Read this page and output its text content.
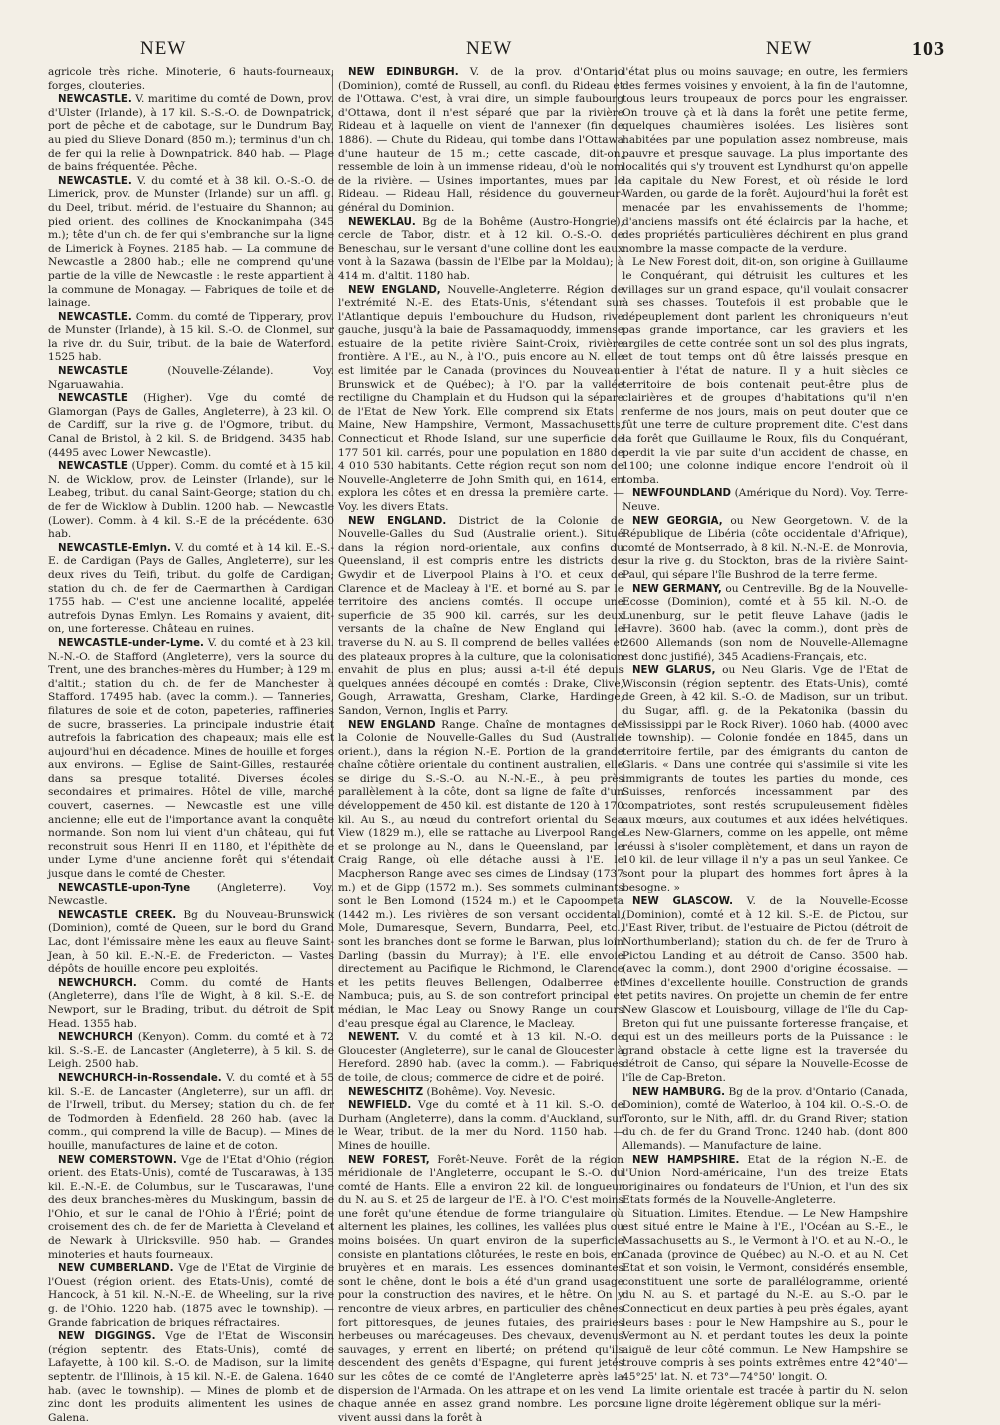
NEW	NEW	NEW	103

agricole très riche. Minoterie, 6 hauts-fourneaux, forges, clouteries.

NEWCASTLE. V. maritime du comté de Down, prov. d'Ulster (Irlande), à 17 kil. S.-S.-O. de Downpatrick, port de pêche et de cabotage, sur le Dundrum Bay, au pied du Slieve Donard (850 m.); terminus d'un ch. de fer qui la relie à Downpatrick. 840 hab. — Plage de bains fréquentée. Pêche.

NEWCASTLE. V. du comté et à 38 kil. O.-S.-O. de Limerick, prov. de Munster (Irlande) sur un affl. g. du Deel, tribut. mérid. de l'estuaire du Shannon; au pied orient. des collines de Knockanimpaha (345 m.); tête d'un ch. de fer qui s'embranche sur la ligne de Limerick à Foynes. 2185 hab. — La commune de Newcastle a 2800 hab.; elle ne comprend qu'une partie de la ville de Newcastle : le reste appartient à la commune de Monagay. — Fabriques de toile et de lainage.

NEWCASTLE. Comm. du comté de Tipperary, prov. de Munster (Irlande), à 15 kil. S.-O. de Clonmel, sur la rive dr. du Suir, tribut. de la baie de Waterford. 1525 hab.

NEWCASTLE	(Nouvelle-Zélande). Voy. Ngaruawahia.

NEWCASTLE (Higher). Vge du comté de Glamorgan (Pays de Galles, Angleterre), à 23 kil. O. de Cardiff, sur la rive g. de l'Ogmore, tribut. du Canal de Bristol, à 2 kil. S. de Bridgend. 3435 hab. (4495 avec Lower Newcastle).

NEWCASTLE (Upper). Comm. du comté et à 15 kil. N. de Wicklow, prov. de Leinster (Irlande), sur le Leabeg, tribut. du canal Saint-George; station du ch. de fer de Wicklow à Dublin. 1200 hab. — Newcastle (Lower). Comm. à 4 kil. S.-E de la précédente. 630 hab.

NEWCASTLE-Emlyn. V. du comté et à 14 kil. E.-S.-E. de Cardigan (Pays de Galles, Angleterre), sur les deux rives du Teifi, tribut. du golfe de Cardigan; station du ch. de fer de Caermarthen à Cardigan 1755 hab. — C'est une ancienne localité, appelée autrefois Dynas Emlyn. Les Romains y avaient, dit-on, une forteresse. Château en ruines.

NEWCASTLE-under-Lyme. V. du comté et à 23 kil. N.-N.-O. de Stafford (Angleterre), vers la source du Trent, une des branches-mères du Humber; à 129 m. d'altit.; station du ch. de fer de Manchester à Stafford. 17495 hab. (avec la comm.). — Tanneries, filatures de soie et de coton, papeteries, raffineries de sucre, brasseries. La principale industrie était autrefois la fabrication des chapeaux; mais elle est aujourd'hui en décadence. Mines de houille et forges aux environs. — Eglise de Saint-Gilles, restaurée dans sa presque totalité. Diverses écoles secondaires et primaires. Hôtel de ville, marché couvert, casernes. — Newcastle est une ville ancienne; elle eut de l'importance avant la conquête normande. Son nom lui vient d'un château, qui fut reconstruit sous Henri II en 1180, et l'épithète de under Lyme d'une ancienne forêt qui s'étendait jusque dans le comté de Chester.

NEWCASTLE-upon-Tyne	(Angleterre). Voy. Newcastle.

NEWCASTLE CREEK. Bg du Nouveau-Brunswick (Dominion), comté de Queen, sur le bord du Grand Lac, dont l'émissaire mène les eaux au fleuve Saint-Jean, à 50 kil. E.-N.-E. de Fredericton. — Vastes dépôts de houille encore peu exploités.

NEWCHURCH. Comm. du comté de Hants (Angleterre), dans l'île de Wight, à 8 kil. S.-E. de Newport, sur le Brading, tribut. du détroit de Spit Head. 1355 hab.

NEWCHURCH (Kenyon). Comm. du comté et à 72 kil. S.-S.-E. de Lancaster (Angleterre), à 5 kil. S. de Leigh. 2500 hab.

NEWCHURCH-in-Rossendale. V. du comté et à 55 kil. S.-E. de Lancaster (Angleterre), sur un affl. dr. de l'Irwell, tribut. du Mersey; station du ch. de fer de Todmorden à Edenfield. 28 260 hab. (avec la comm., qui comprend la ville de Bacup). — Mines de houille, manufactures de laine et de coton.

NEW COMERSTOWN. Vge de l'Etat d'Ohio (région orient. des Etats-Unis), comté de Tuscarawas, à 135 kil. E.-N.-E. de Columbus, sur le Tuscarawas, l'une des deux branches-mères du Muskingum, bassin de l'Ohio, et sur le canal de l'Ohio à l'Érié; point de croisement des ch. de fer de Marietta à Cleveland et de Newark à Ulricksville. 950 hab. — Grandes minoteries et hauts fourneaux.

NEW CUMBERLAND. Vge de l'Etat de Virginie de l'Ouest (région orient. des Etats-Unis), comté de Hancock, à 51 kil. N.-N.-E. de Wheeling, sur la rive g. de l'Ohio. 1220 hab. (1875 avec le township). — Grande fabrication de briques réfractaires.

NEW DIGGINGS. Vge de l'Etat de Wisconsin (région septentr. des Etats-Unis), comté de Lafayette, à 100 kil. S.-O. de Madison, sur la limite septentr. de l'Illinois, à 15 kil. N.-E. de Galena. 1640 hab. (avec le township). — Mines de plomb et de zinc dont les produits alimentent les usines de Galena.

NEW EDINBURGH. V. de la prov. d'Ontario (Dominion), comté de Russell, au confl. du Rideau et de l'Ottawa. C'est, à vrai dire, un simple faubourg d'Ottawa, dont il n'est séparé que par la rivière Rideau et à laquelle on vient de l'annexer (fin de 1886). — Chute du Rideau, qui tombe dans l'Ottawa d'une hauteur de 15 m.; cette cascade, dit-on, ressemble de loin à un immense rideau, d'où le nom de la rivière. — Usines importantes, mues par le Rideau. — Rideau Hall, résidence du gouverneur-général du Dominion.

NEWEKLAU. Bg de la Bohême (Austro-Hongrie), cercle de Tabor, distr. et à 12 kil. O.-S.-O. de Beneschau, sur le versant d'une colline dont les eaux vont à la Sazawa (bassin de l'Elbe par la Moldau); à 414 m. d'altit. 1180 hab.

NEW ENGLAND, Nouvelle-Angleterre. Région de l'extrémité N.-E. des Etats-Unis, s'étendant sur l'Atlantique depuis l'embouchure du Hudson, rive gauche, jusqu'à la baie de Passamaquoddy, immense estuaire de la petite rivière Saint-Croix, rivière frontière. A l'E., au N., à l'O., puis encore au N. elle est limitée par le Canada (provinces du Nouveau-Brunswick et de Québec); à l'O. par la vallée rectiligne du Champlain et du Hudson qui la sépare de l'Etat de New York. Elle comprend six Etats : Maine, New Hampshire, Vermont, Massachusetts, Connecticut et Rhode Island, sur une superficie de 177 501 kil. carrés, pour une population en 1880 de 4 010 530 habitants. Cette région reçut son nom de Nouvelle-Angleterre de John Smith qui, en 1614, en explora les côtes et en dressa la première carte. — Voy. les divers Etats.

NEW ENGLAND. District de la Colonie de Nouvelle-Galles du Sud (Australie orient.). Situé dans la région nord-orientale, aux confins du Queensland, il est compris entre les districts de Gwydir et de Liverpool Plains à l'O. et ceux de Clarence et de Macleay à l'E. et borné au S. par le territoire des anciens comtés. Il occupe une superficie de 35 900 kil. carrés, sur les deux versants de la chaîne de New England qui le traverse du N. au S. Il comprend de belles vallées et des plateaux propres à la culture, que la colonisation envahit de plus en plus; aussi a-t-il été depuis quelques années découpé en comtés : Drake, Clive, Gough, Arrawatta, Gresham, Clarke, Hardinge, Sandon, Vernon, Inglis et Parry.

NEW ENGLAND Range. Chaîne de montagnes de la Colonie de Nouvelle-Galles du Sud (Australie orient.), dans la région N.-E. Portion de la grande chaîne côtière orientale du continent australien, elle se dirige du S.-S.-O. au N.-N.-E., à peu près parallèlement à la côte, dont sa ligne de faîte d'un développement de 450 kil. est distante de 120 à 170 kil. Au S., au nœud du contrefort oriental du Sea View (1829 m.), elle se rattache au Liverpool Range et se prolonge au N., dans le Queensland, par le Craig Range, où elle détache aussi à l'E. le Macpherson Range avec ses cimes de Lindsay (1737 m.) et de Gipp (1572 m.). Ses sommets culminants sont le Ben Lomond (1524 m.) et le Capoompeta (1442 m.). Les rivières de son versant occidental, Mole, Dumaresque, Severn, Bundarra, Peel, etc., sont les branches dont se forme le Barwan, plus loin Darling (bassin du Murray); à l'E. elle envoie directement au Pacifique le Richmond, le Clarence et les petits fleuves Bellengen, Odalberree et Nambuca; puis, au S. de son contrefort principal et médian, le Mac Leay ou Snowy Range un cours d'eau presque égal au Clarence, le Macleay.

NEWENT. V. du comté et à 13 kil. N.-O. de Gloucester (Angleterre), sur le canal de Gloucester à Hereford. 2890 hab. (avec la comm.). — Fabriques de toile, de clous; commerce de cidre et de poiré.

NEWESCHITZ (Bohême). Voy. Nevesic.

NEWFIELD. Vge du comté et à 11 kil. S.-O. de Durham (Angleterre), dans la comm. d'Auckland, sur le Wear, tribut. de la mer du Nord. 1150 hab. — Mines de houille.

NEW FOREST, Forêt-Neuve. Forêt de la région méridionale de l'Angleterre, occupant le S.-O. du comté de Hants. Elle a environ 22 kil. de longueur du N. au S. et 25 de largeur de l'E. à l'O. C'est moins une forêt qu'une étendue de forme triangulaire où alternent les plaines, les collines, les vallées plus ou moins boisées. Un quart environ de la superficie consiste en plantations clôturées, le reste en bois, en bruyères et en marais. Les essences dominantes sont le chêne, dont le bois a été d'un grand usage pour la construction des navires, et le hêtre. On y rencontre de vieux arbres, en particulier des chênes fort pittoresques, de jeunes futaies, des prairies herbeuses ou marécageuses. Des chevaux, devenus sauvages, y errent en liberté; on prétend qu'ils descendent des genêts d'Espagne, qui furent jetés sur les côtes de ce comté de l'Angleterre après la dispersion de l'Armada. On les attrape et on les vend chaque année en assez grand nombre. Les porcs vivent aussi dans la forêt à

l'état plus ou moins sauvage; en outre, les fermiers des fermes voisines y envoient, à la fin de l'automne, tous leurs troupeaux de porcs pour les engraisser. On trouve çà et là dans la forêt une petite ferme, quelques chaumières isolées. Les lisières sont habitées par une population assez nombreuse, mais pauvre et presque sauvage. La plus importante des localités qui s'y trouvent est Lyndhurst qu'on appelle la capitale du New Forest, et où réside le lord Warden, ou garde de la forêt. Aujourd'hui la forêt est menacée par les envahissements de l'homme; d'anciens massifs ont été éclaircis par la hache, et des propriétés particulières déchirent en plus grand nombre la masse compacte de la verdure.

Le New Forest doit, dit-on, son origine à Guillaume le Conquérant, qui détruisit les cultures et les villages sur un grand espace, qu'il voulait consacrer à ses chasses. Toutefois il est probable que le dépeuplement dont parlent les chroniqueurs n'eut pas grande importance, car les graviers et les argiles de cette contrée sont un sol des plus ingrats, et de tout temps ont dû être laissés presque en entier à l'état de nature. Il y a huit siècles ce territoire de bois contenait peut-être plus de clairières et de groupes d'habitations qu'il n'en renferme de nos jours, mais on peut douter que ce fût une terre de culture proprement dite. C'est dans la forêt que Guillaume le Roux, fils du Conquérant, perdit la vie par suite d'un accident de chasse, en 1100; une colonne indique encore l'endroit où il tomba.

NEWFOUNDLAND (Amérique du Nord). Voy. Terre-Neuve.

NEW GEORGIA, ou New Georgetown. V. de la République de Libéria (côte occidentale d'Afrique), comté de Montserrado, à 8 kil. N.-N.-E. de Monrovia, sur la rive g. du Stockton, bras de la rivière Saint-Paul, qui sépare l'île Bushrod de la terre ferme.

NEW GERMANY, ou Centreville. Bg de la Nouvelle-Ecosse (Dominion), comté et à 55 kil. N.-O. de Lunenburg, sur le petit fleuve Lahave (jadis le Havre). 3600 hab. (avec la comm.), dont près de 2600 Allemands (son nom de Nouvelle-Allemagne est donc justifié), 345 Acadiens-Français, etc.

NEW GLARUS, ou Neu Glaris. Vge de l'Etat de Wisconsin (région septentr. des Etats-Unis), comté de Green, à 42 kil. S.-O. de Madison, sur un tribut. du Sugar, affl. g. de la Pekatonika (bassin du Mississippi par le Rock River). 1060 hab. (4000 avec le township). — Colonie fondée en 1845, dans un territoire fertile, par des émigrants du canton de Glaris. « Dans une contrée qui s'assimile si vite les immigrants de toutes les parties du monde, ces Suisses, renforcés incessamment par des compatriotes, sont restés scrupuleusement fidèles aux mœurs, aux coutumes et aux idées helvétiques. Les New-Glarners, comme on les appelle, ont même réussi à s'isoler complètement, et dans un rayon de 10 kil. de leur village il n'y a pas un seul Yankee. Ce sont pour la plupart des hommes fort âpres à la besogne. »

NEW GLASCOW. V. de la Nouvelle-Ecosse (Dominion), comté et à 12 kil. S.-E. de Pictou, sur l'East River, tribut. de l'estuaire de Pictou (détroit de Northumberland); station du ch. de fer de Truro à Pictou Landing et au détroit de Canso. 3500 hab. (avec la comm.), dont 2900 d'origine écossaise. — Mines d'excellente houille. Construction de grands et petits navires. On projette un chemin de fer entre New Glascow et Louisbourg, village de l'île du Cap-Breton qui fut une puissante forteresse française, et qui est un des meilleurs ports de la Puissance : le grand obstacle à cette ligne est la traversée du détroit de Canso, qui sépare la Nouvelle-Ecosse de l'île de Cap-Breton.

NEW HAMBURG. Bg de la prov. d'Ontario (Canada, Dominion), comté de Waterloo, à 104 kil. O.-S.-O. de Toronto, sur le Nith, affl. dr. du Grand River; station du ch. de fer du Grand Tronc. 1240 hab. (dont 800 Allemands). — Manufacture de laine.

NEW HAMPSHIRE. Etat de la région N.-E. de l'Union Nord-américaine, l'un des treize Etats originaires ou fondateurs de l'Union, et l'un des six Etats formés de la Nouvelle-Angleterre.

Situation. Limites. Etendue. — Le New Hampshire est situé entre le Maine à l'E., l'Océan au S.-E., le Massachusetts au S., le Vermont à l'O. et au N.-O., le Canada (province de Québec) au N.-O. et au N. Cet Etat et son voisin, le Vermont, considérés ensemble, constituent une sorte de parallélogramme, orienté du N. au S. et partagé du N.-E. au S.-O. par le Connecticut en deux parties à peu près égales, ayant leurs bases : pour le New Hampshire au S., pour le Vermont au N. et perdant toutes les deux la pointe aiguë de leur côté commun. Le New Hampshire se trouve compris à ses points extrêmes entre 42°40'—45°25' lat. N. et 73°—74°50' longit. O.

La limite orientale est tracée à partir du N. selon une ligne droite légèrement oblique sur la méri-
